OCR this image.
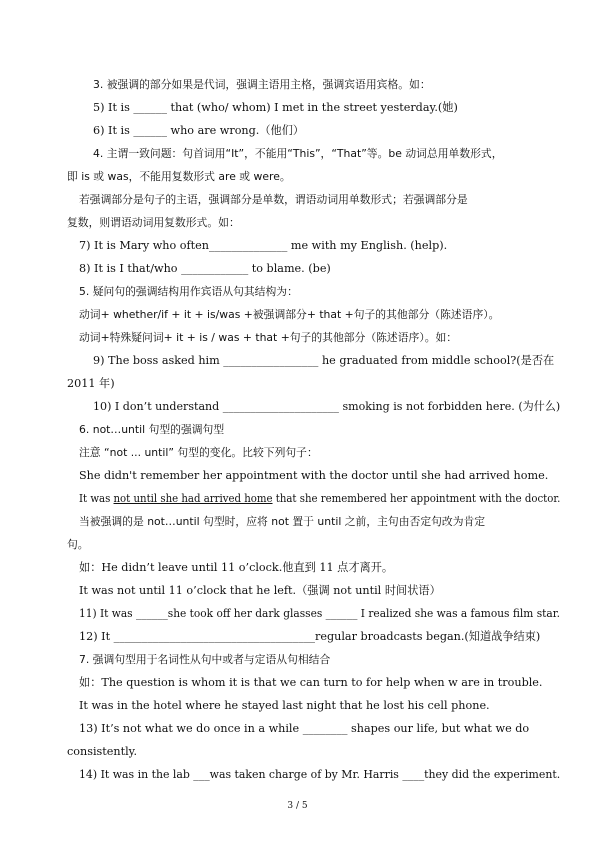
3. 被强调的部分如果是代词，强调主语用主格，强调宾语用宾格。如：
5) It is ______ that (who/ whom) I met in the street yesterday.(她)
6) It is ______ who are wrong.（他们）
4. 主谓一致问题：句首词用“It”，不能用“This”，“That”等。be 动词总用单数形式，
即 is 或 was，不能用复数形式 are 或 were。
若强调部分是句子的主语，强调部分是单数，谓语动词用单数形式；若强调部分是
复数，则谓语动词用复数形式。如：
7) It is Mary who often______________ me with my English. (help).
8) It is I that/who ____________ to blame. (be)
5. 疑问句的强调结构用作宾语从句其结构为：
动词+ whether/if + it + is/was +被强调部分+ that +句子的其他部分（陈述语序）。
动词+特殊疑问词+ it + is / was + that +句子的其他部分（陈述语序）。如：
9) The boss asked him _________________ he graduated from middle school?(是否在
2011 年)
10) I don’t understand _____________________ smoking is not forbidden here. (为什么)
6. not…until 句型的强调句型
注意 “not ... until” 句型的变化。比较下列句子：
She didn't remember her appointment with the doctor until she had arrived home.
It was not until she had arrived home that she remembered her appointment with the doctor.
当被强调的是 not…until 句型时，应将 not 置于 until 之前，主句由否定句改为肯定
句。
如：He didn’t leave until 11 o’clock.他直到 11 点才离开。
It was not until 11 o’clock that he left.（强调 not until 时间状语）
11) It was ______she took off her dark glasses ______ I realized she was a famous film star.
12) It ____________________________________regular broadcasts began.(知道战争结束)
7. 强调句型用于名词性从句中或者与定语从句相结合
如：The question is whom it is that we can turn to for help when w are in trouble.
It was in the hotel where he stayed last night that he lost his cell phone.
13) It’s not what we do once in a while ________ shapes our life, but what we do
consistently.
14) It was in the lab ___was taken charge of by Mr. Harris ____they did the experiment.
3 / 5
